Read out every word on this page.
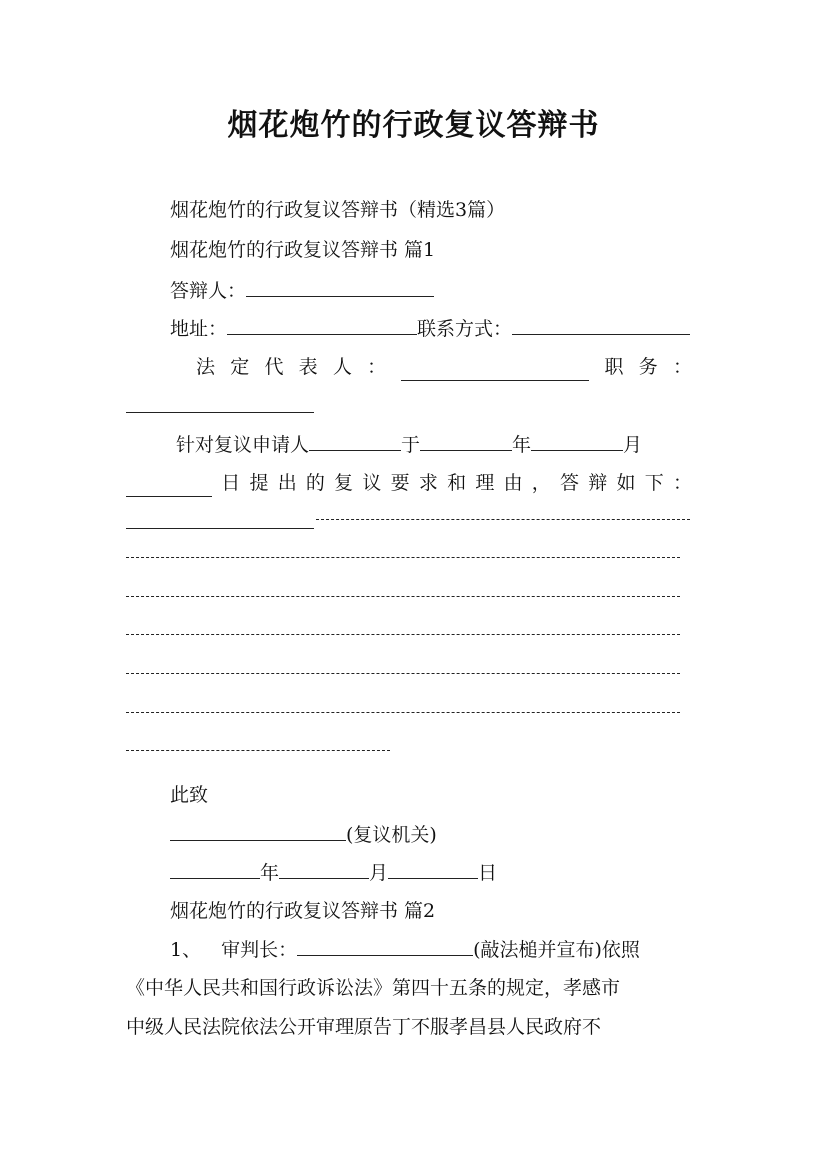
烟花炮竹的行政复议答辩书
烟花炮竹的行政复议答辩书（精选3篇）
烟花炮竹的行政复议答辩书 篇1
答辩人：
地址：	联系方式：
法 定 代 表 人 ：	职 务 ：
针对复议申请人	于	年	月
日 提 出 的 复 议 要 求 和 理 由 ， 答 辩 如 下 ：
此致
(复议机关)
年	月	日
烟花炮竹的行政复议答辩书 篇2
1、 审判长：	(敲法槌并宣布)依照
《中华人民共和国行政诉讼法》第四十五条的规定，孝感市
中级人民法院依法公开审理原告丁不服孝昌县人民政府不
